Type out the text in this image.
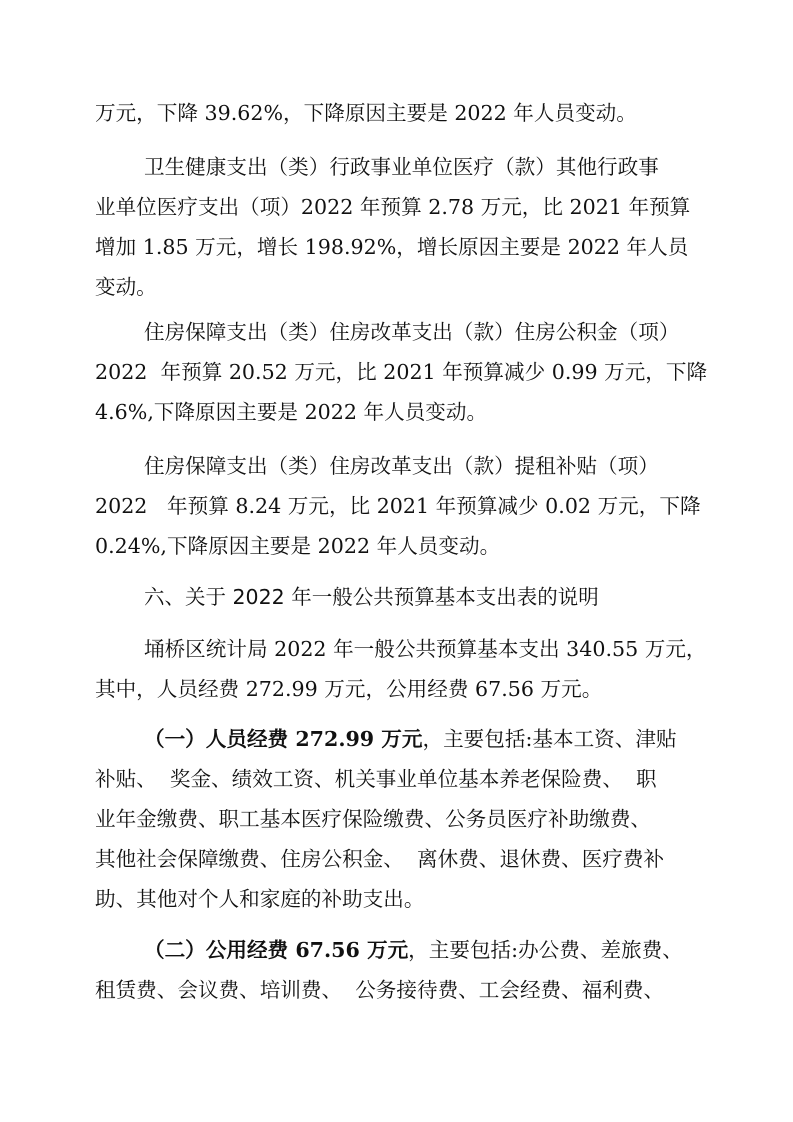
万元，下降 39.62%，下降原因主要是 2022 年人员变动。
卫生健康支出（类）行政事业单位医疗（款）其他行政事
业单位医疗支出（项）2022 年预算 2.78 万元，比 2021 年预算
增加 1.85 万元，增长 198.92%，增长原因主要是 2022 年人员
变动。
住房保障支出（类）住房改革支出（款）住房公积金（项）
2022  年预算 20.52 万元，比 2021 年预算减少 0.99 万元，下降
4.6%,下降原因主要是 2022 年人员变动。
住房保障支出（类）住房改革支出（款）提租补贴（项）
2022   年预算 8.24 万元，比 2021 年预算减少 0.02 万元，下降
0.24%,下降原因主要是 2022 年人员变动。
六、关于 2022 年一般公共预算基本支出表的说明
埇桥区统计局 2022 年一般公共预算基本支出 340.55 万元，
其中，人员经费 272.99 万元，公用经费 67.56 万元。
（一）人员经费 272.99 万元，主要包括:基本工资、津贴
补贴、  奖金、绩效工资、机关事业单位基本养老保险费、  职
业年金缴费、职工基本医疗保险缴费、公务员医疗补助缴费、
其他社会保障缴费、住房公积金、  离休费、退休费、医疗费补
助、其他对个人和家庭的补助支出。
（二）公用经费 67.56 万元，主要包括:办公费、差旅费、
租赁费、会议费、培训费、  公务接待费、工会经费、福利费、
